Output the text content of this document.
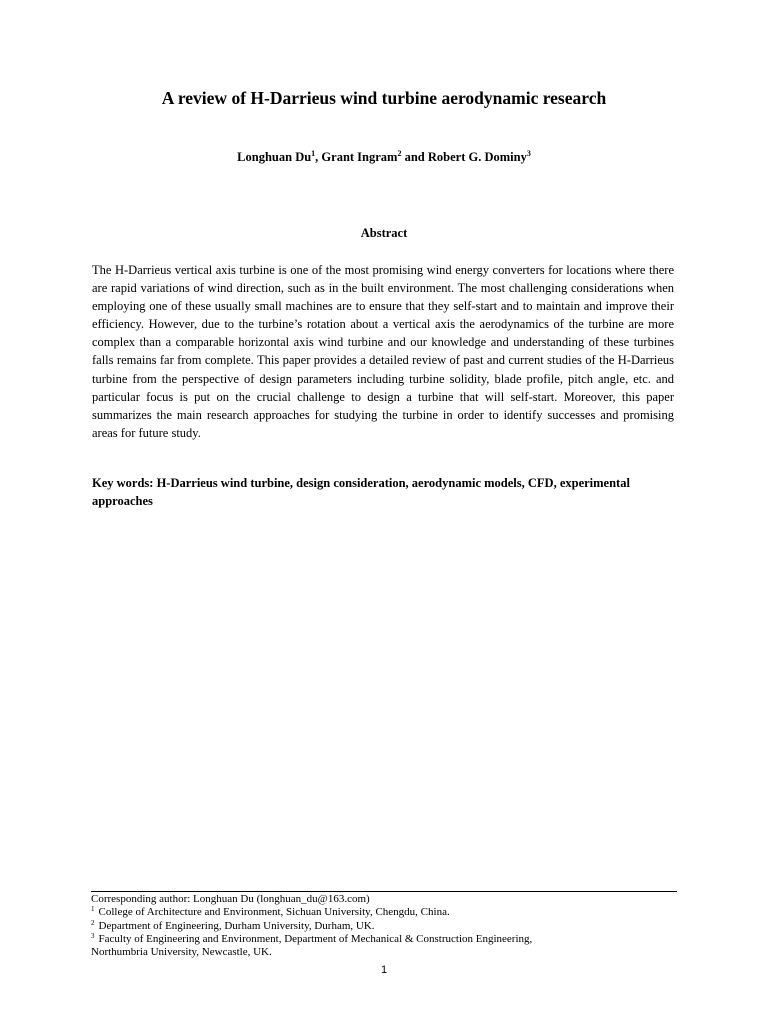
A review of H-Darrieus wind turbine aerodynamic research
Longhuan Du$^1$, Grant Ingram$^2$ and Robert G. Dominy$^3$
Abstract

The H-Darrieus vertical axis turbine is one of the most promising wind energy converters for locations where there are rapid variations of wind direction, such as in the built environment. The most challenging considerations when employing one of these usually small machines are to ensure that they self-start and to maintain and improve their efficiency. However, due to the turbine’s rotation about a vertical axis the aerodynamics of the turbine are more complex than a comparable horizontal axis wind turbine and our knowledge and understanding of these turbines falls remains far from complete. This paper provides a detailed review of past and current studies of the H-Darrieus turbine from the perspective of design parameters including turbine solidity, blade profile, pitch angle, etc. and particular focus is put on the crucial challenge to design a turbine that will self-start. Moreover, this paper summarizes the main research approaches for studying the turbine in order to identify successes and promising areas for future study.

Key words: H-Darrieus wind turbine, design consideration, aerodynamic models, CFD, experimental approaches

Corresponding author: Longhuan Du (longhuan_du@163.com)
$^1$ College of Architecture and Environment, Sichuan University, Chengdu, China.
$^2$ Department of Engineering, Durham University, Durham, UK.
$^3$ Faculty of Engineering and Environment, Department of Mechanical & Construction Engineering,
Northumbria University, Newcastle, UK.
1
